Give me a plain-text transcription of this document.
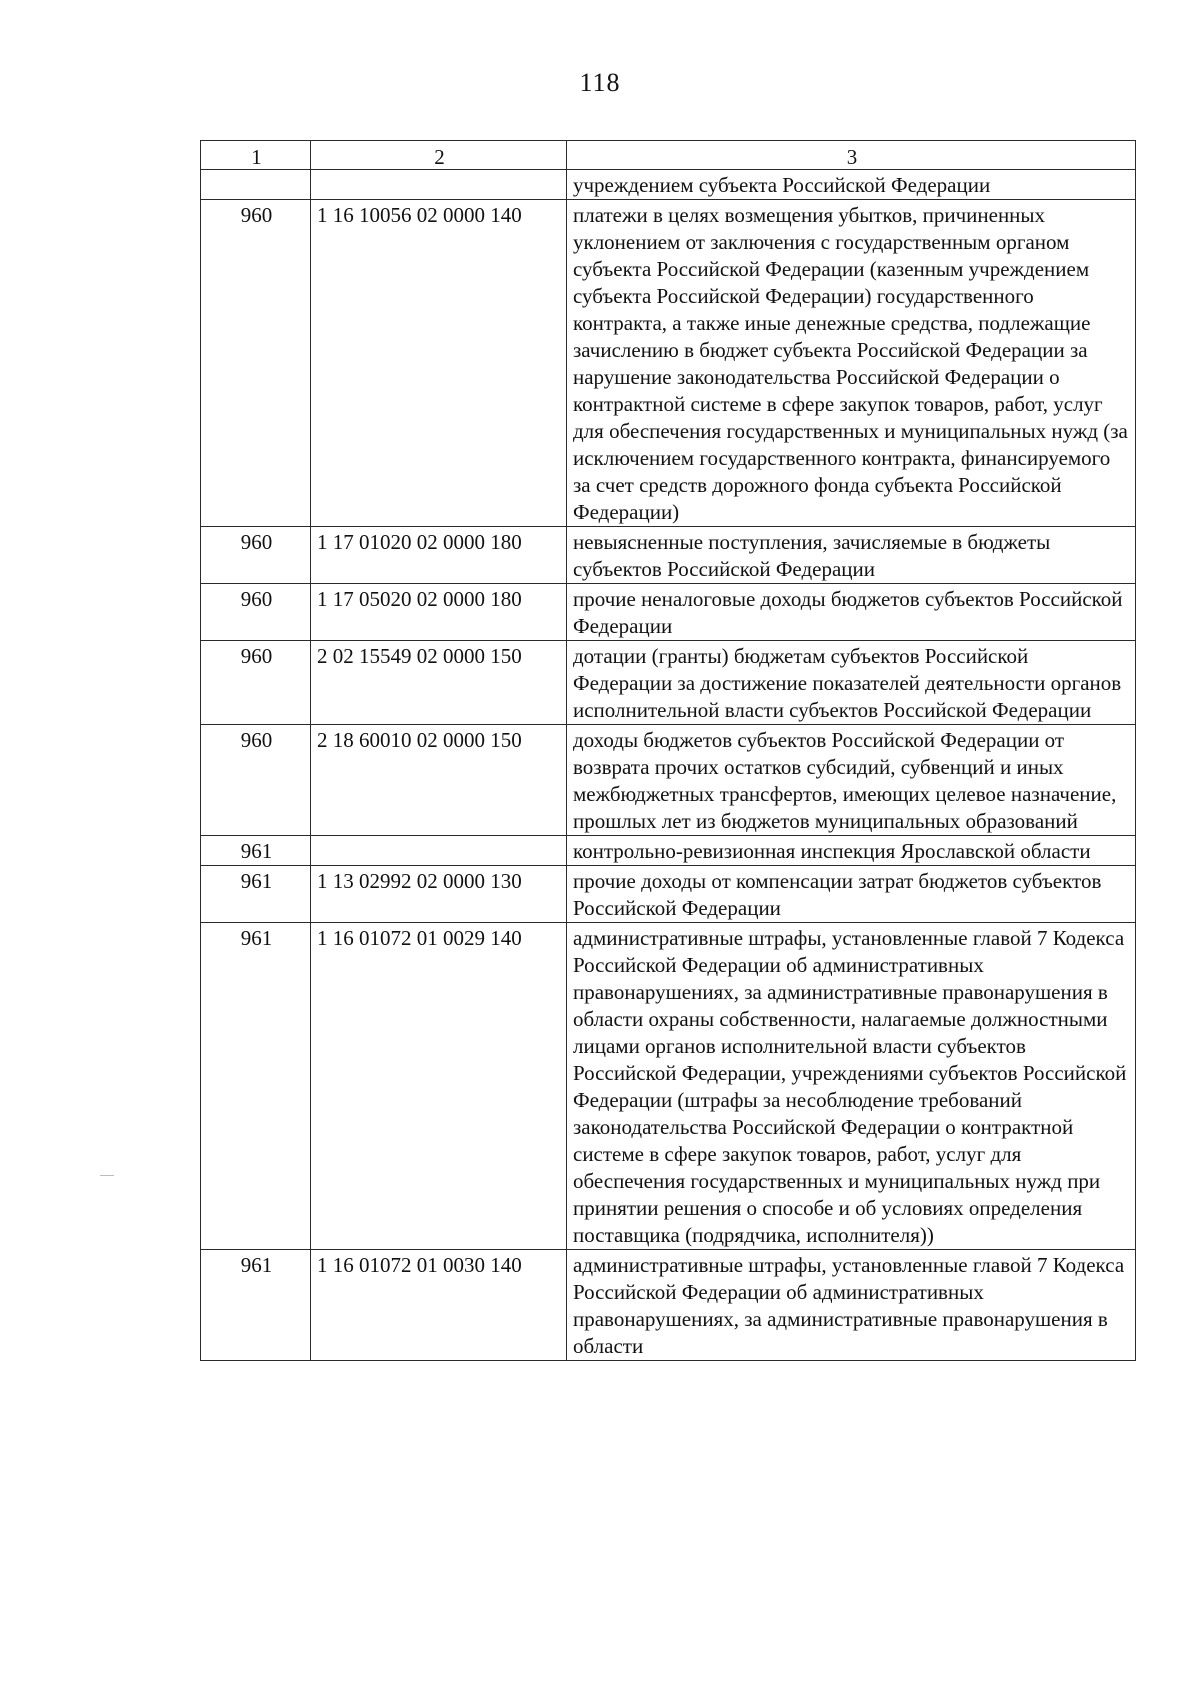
118
1	2	3
		учреждением субъекта Российской Федерации
960	1 16 10056 02 0000 140	платежи в целях возмещения убытков, причиненных уклонением от заключения с государственным органом субъекта Российской Федерации (казенным учреждением субъекта Российской Федерации) государственного контракта, а также иные денежные средства, подлежащие зачислению в бюджет субъекта Российской Федерации за нарушение законодательства Российской Федерации о контрактной системе в сфере закупок товаров, работ, услуг для обеспечения государственных и муниципальных нужд (за исключением государственного контракта, финансируемого за счет средств дорожного фонда субъекта Российской Федерации)
960	1 17 01020 02 0000 180	невыясненные поступления, зачисляемые в бюджеты субъектов Российской Федерации
960	1 17 05020 02 0000 180	прочие неналоговые доходы бюджетов субъектов Российской Федерации
960	2 02 15549 02 0000 150	дотации (гранты) бюджетам субъектов Российской Федерации за достижение показателей деятельности органов исполнительной власти субъектов Российской Федерации
960	2 18 60010 02 0000 150	доходы бюджетов субъектов Российской Федерации от возврата прочих остатков субсидий, субвенций и иных межбюджетных трансфертов, имеющих целевое назначение, прошлых лет из бюджетов муниципальных образований
961		контрольно-ревизионная инспекция Ярославской области
961	1 13 02992 02 0000 130	прочие доходы от компенсации затрат бюджетов субъектов Российской Федерации
961	1 16 01072 01 0029 140	административные штрафы, установленные главой 7 Кодекса Российской Федерации об административных правонарушениях, за административные правонарушения в области охраны собственности, налагаемые должностными лицами органов исполнительной власти субъектов Российской Федерации, учреждениями субъектов Российской Федерации (штрафы за несоблюдение требований законодательства Российской Федерации о контрактной системе в сфере закупок товаров, работ, услуг для обеспечения государственных и муниципальных нужд при принятии решения о способе и об условиях определения поставщика (подрядчика, исполнителя))
961	1 16 01072 01 0030 140	административные штрафы, установленные главой 7 Кодекса Российской Федерации об административных правонарушениях, за административные правонарушения в области
